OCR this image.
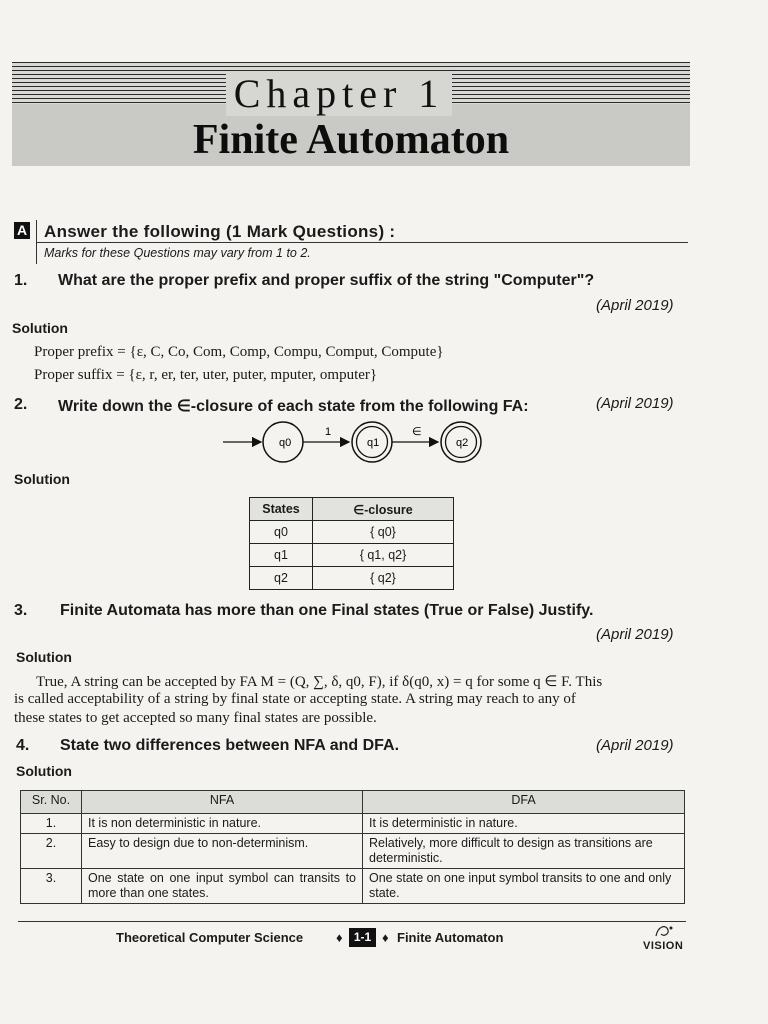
Chapter 1
Finite Automaton
A Answer the following (1 Mark Questions) :
Marks for these Questions may vary from 1 to 2.
1. What are the proper prefix and proper suffix of the string "Computer"?
(April 2019)
Solution
Proper prefix = {ε, C, Co, Com, Comp, Compu, Comput, Compute}
Proper suffix = {ε, r, er, ter, uter, puter, mputer, omputer}
2. Write down the ∈-closure of each state from the following FA:	(April 2019)
q0
1
q1
∈
q2
Solution
States	∈-closure
q0	{ q0}
q1	{ q1, q2}
q2	{ q2}
3. Finite Automata has more than one Final states (True or False) Justify.
(April 2019)
Solution
True, A string can be accepted by FA M = (Q, ∑, δ, q0, F), if δ(q0, x) = q for some q ∈ F. This
is called acceptability of a string by final state or accepting state. A string may reach to any of
these states to get accepted so many final states are possible.
4. State two differences between NFA and DFA.	(April 2019)
Solution
Sr. No.	NFA	DFA
1.	It is non deterministic in nature.	It is deterministic in nature.
2.	Easy to design due to non-determinism.	Relatively, more difficult to design as transitions are deterministic.
3.	One state on one input symbol can transits to more than one states.	One state on one input symbol transits to one and only state.
Theoretical Computer Science	♦ 1-1 ♦ Finite Automaton
VISION
